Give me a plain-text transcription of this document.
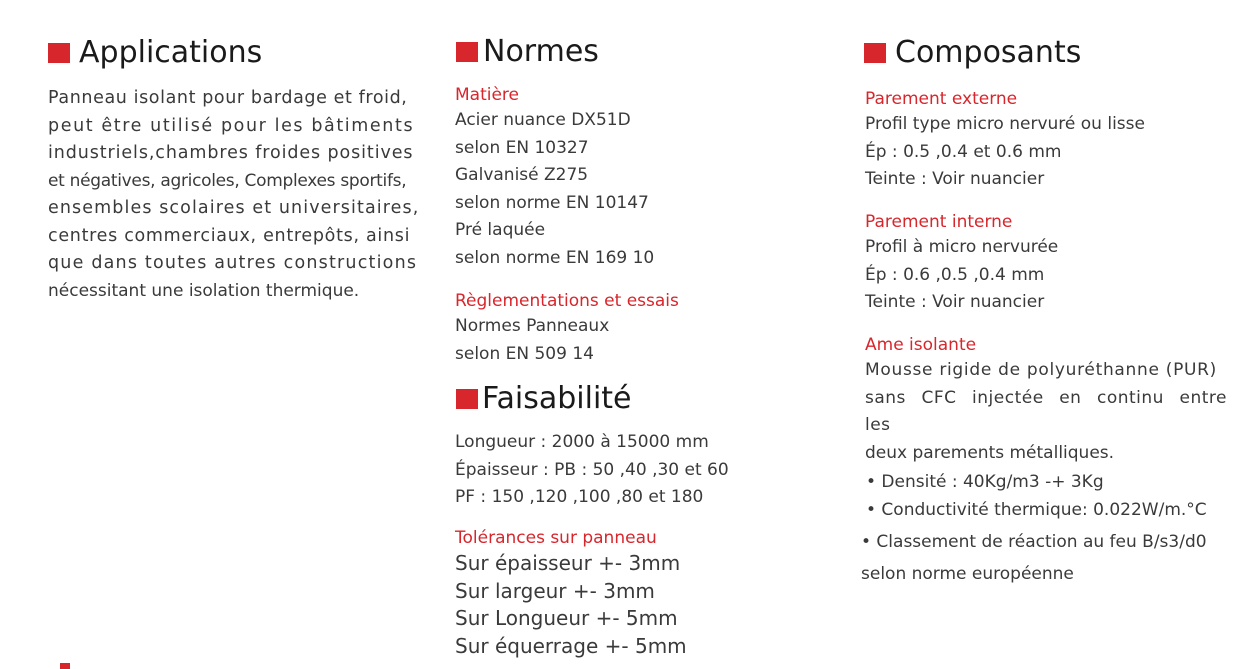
Applications

Panneau isolant pour bardage et froid,

peut être utilisé pour les bâtiments

industriels,chambres froides positives

et négatives, agricoles, Complexes sportifs,

ensembles scolaires et universitaires,

centres commerciaux, entrepôts, ainsi

que dans toutes autres constructions

nécessitant une isolation thermique.

Normes

Matière

Acier nuance DX51D

selon EN 10327

Galvanisé Z275

selon norme EN 10147

Pré laquée

selon norme EN 169 10

Règlementations et essais

Normes Panneaux

selon EN 509 14

Faisabilité

Longueur : 2000 à 15000 mm

Épaisseur : PB : 50 ,40 ,30 et 60

PF : 150 ,120 ,100 ,80 et 180

Tolérances sur panneau

Sur épaisseur +- 3mm

Sur largeur +- 3mm

Sur Longueur +- 5mm

Sur équerrage +- 5mm

Composants

Parement externe

Profil type micro nervuré ou lisse

Ép : 0.5 ,0.4 et 0.6 mm

Teinte : Voir nuancier

Parement interne

Profil à micro nervurée

Ép : 0.6 ,0.5 ,0.4 mm

Teinte : Voir nuancier

Ame isolante

Mousse rigide de polyuréthanne (PUR)

sans CFC injectée en continu entre les

deux parements métalliques.

• Densité : 40Kg/m3 -+ 3Kg

• Conductivité thermique: 0.022W/m.°C

• Classement de réaction au feu B/s3/d0

selon norme européenne
